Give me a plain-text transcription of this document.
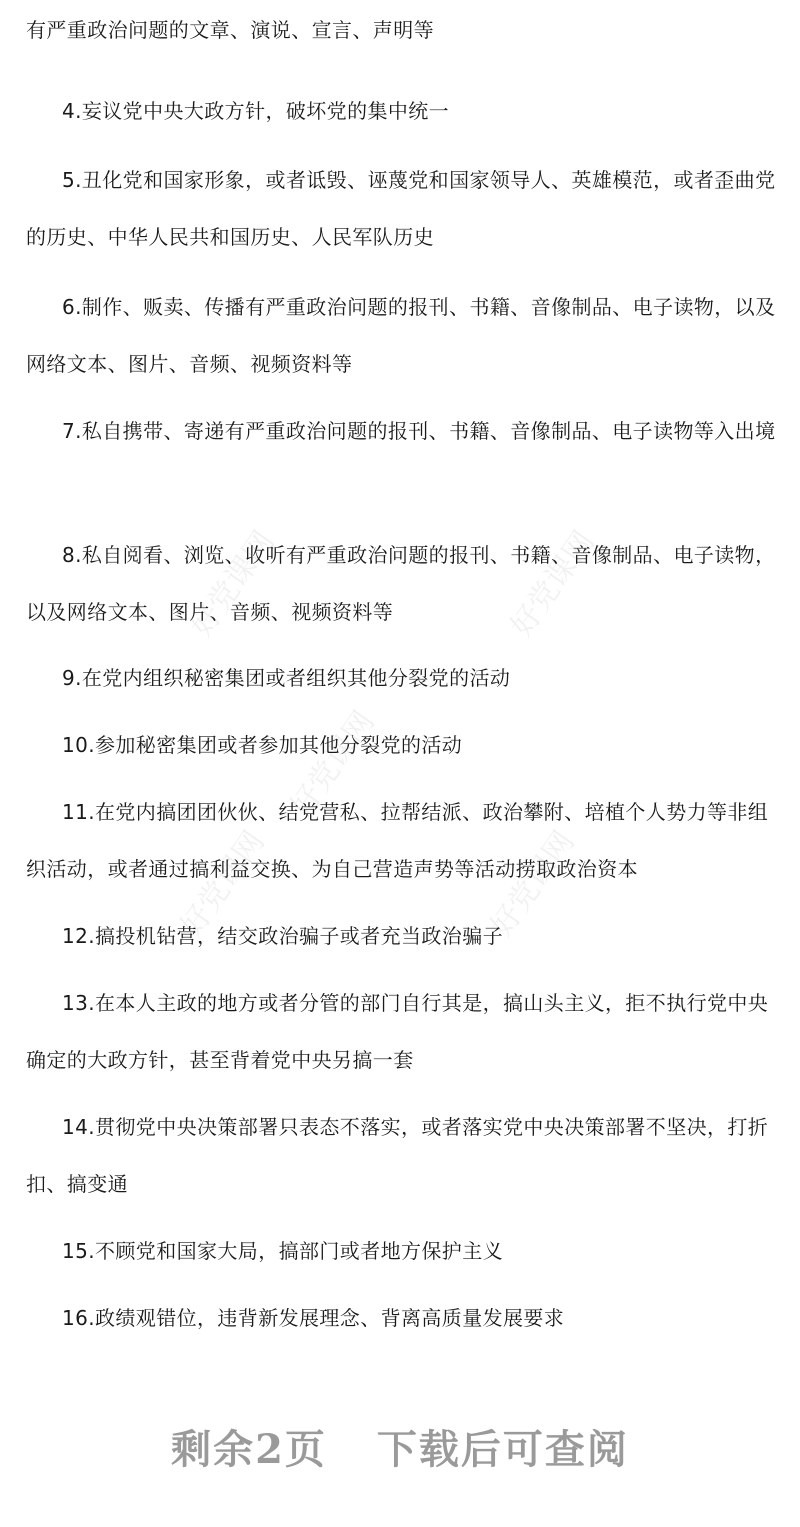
有严重政治问题的文章、演说、宣言、声明等

4.妄议党中央大政方针，破坏党的集中统一

5.丑化党和国家形象，或者诋毁、诬蔑党和国家领导人、英雄模范，或者歪曲党的历史、中华人民共和国历史、人民军队历史

6.制作、贩卖、传播有严重政治问题的报刊、书籍、音像制品、电子读物，以及网络文本、图片、音频、视频资料等

7.私自携带、寄递有严重政治问题的报刊、书籍、音像制品、电子读物等入出境

8.私自阅看、浏览、收听有严重政治问题的报刊、书籍、音像制品、电子读物，以及网络文本、图片、音频、视频资料等

9.在党内组织秘密集团或者组织其他分裂党的活动

10.参加秘密集团或者参加其他分裂党的活动

11.在党内搞团团伙伙、结党营私、拉帮结派、政治攀附、培植个人势力等非组织活动，或者通过搞利益交换、为自己营造声势等活动捞取政治资本

12.搞投机钻营，结交政治骗子或者充当政治骗子

13.在本人主政的地方或者分管的部门自行其是，搞山头主义，拒不执行党中央确定的大政方针，甚至背着党中央另搞一套

14.贯彻党中央决策部署只表态不落实，或者落实党中央决策部署不坚决，打折扣、搞变通

15.不顾党和国家大局，搞部门或者地方保护主义

16.政绩观错位，违背新发展理念、背离高质量发展要求

好党课网	好党课网
好党课网
好党课网	好党课网
剩余2页 下载后可查阅
